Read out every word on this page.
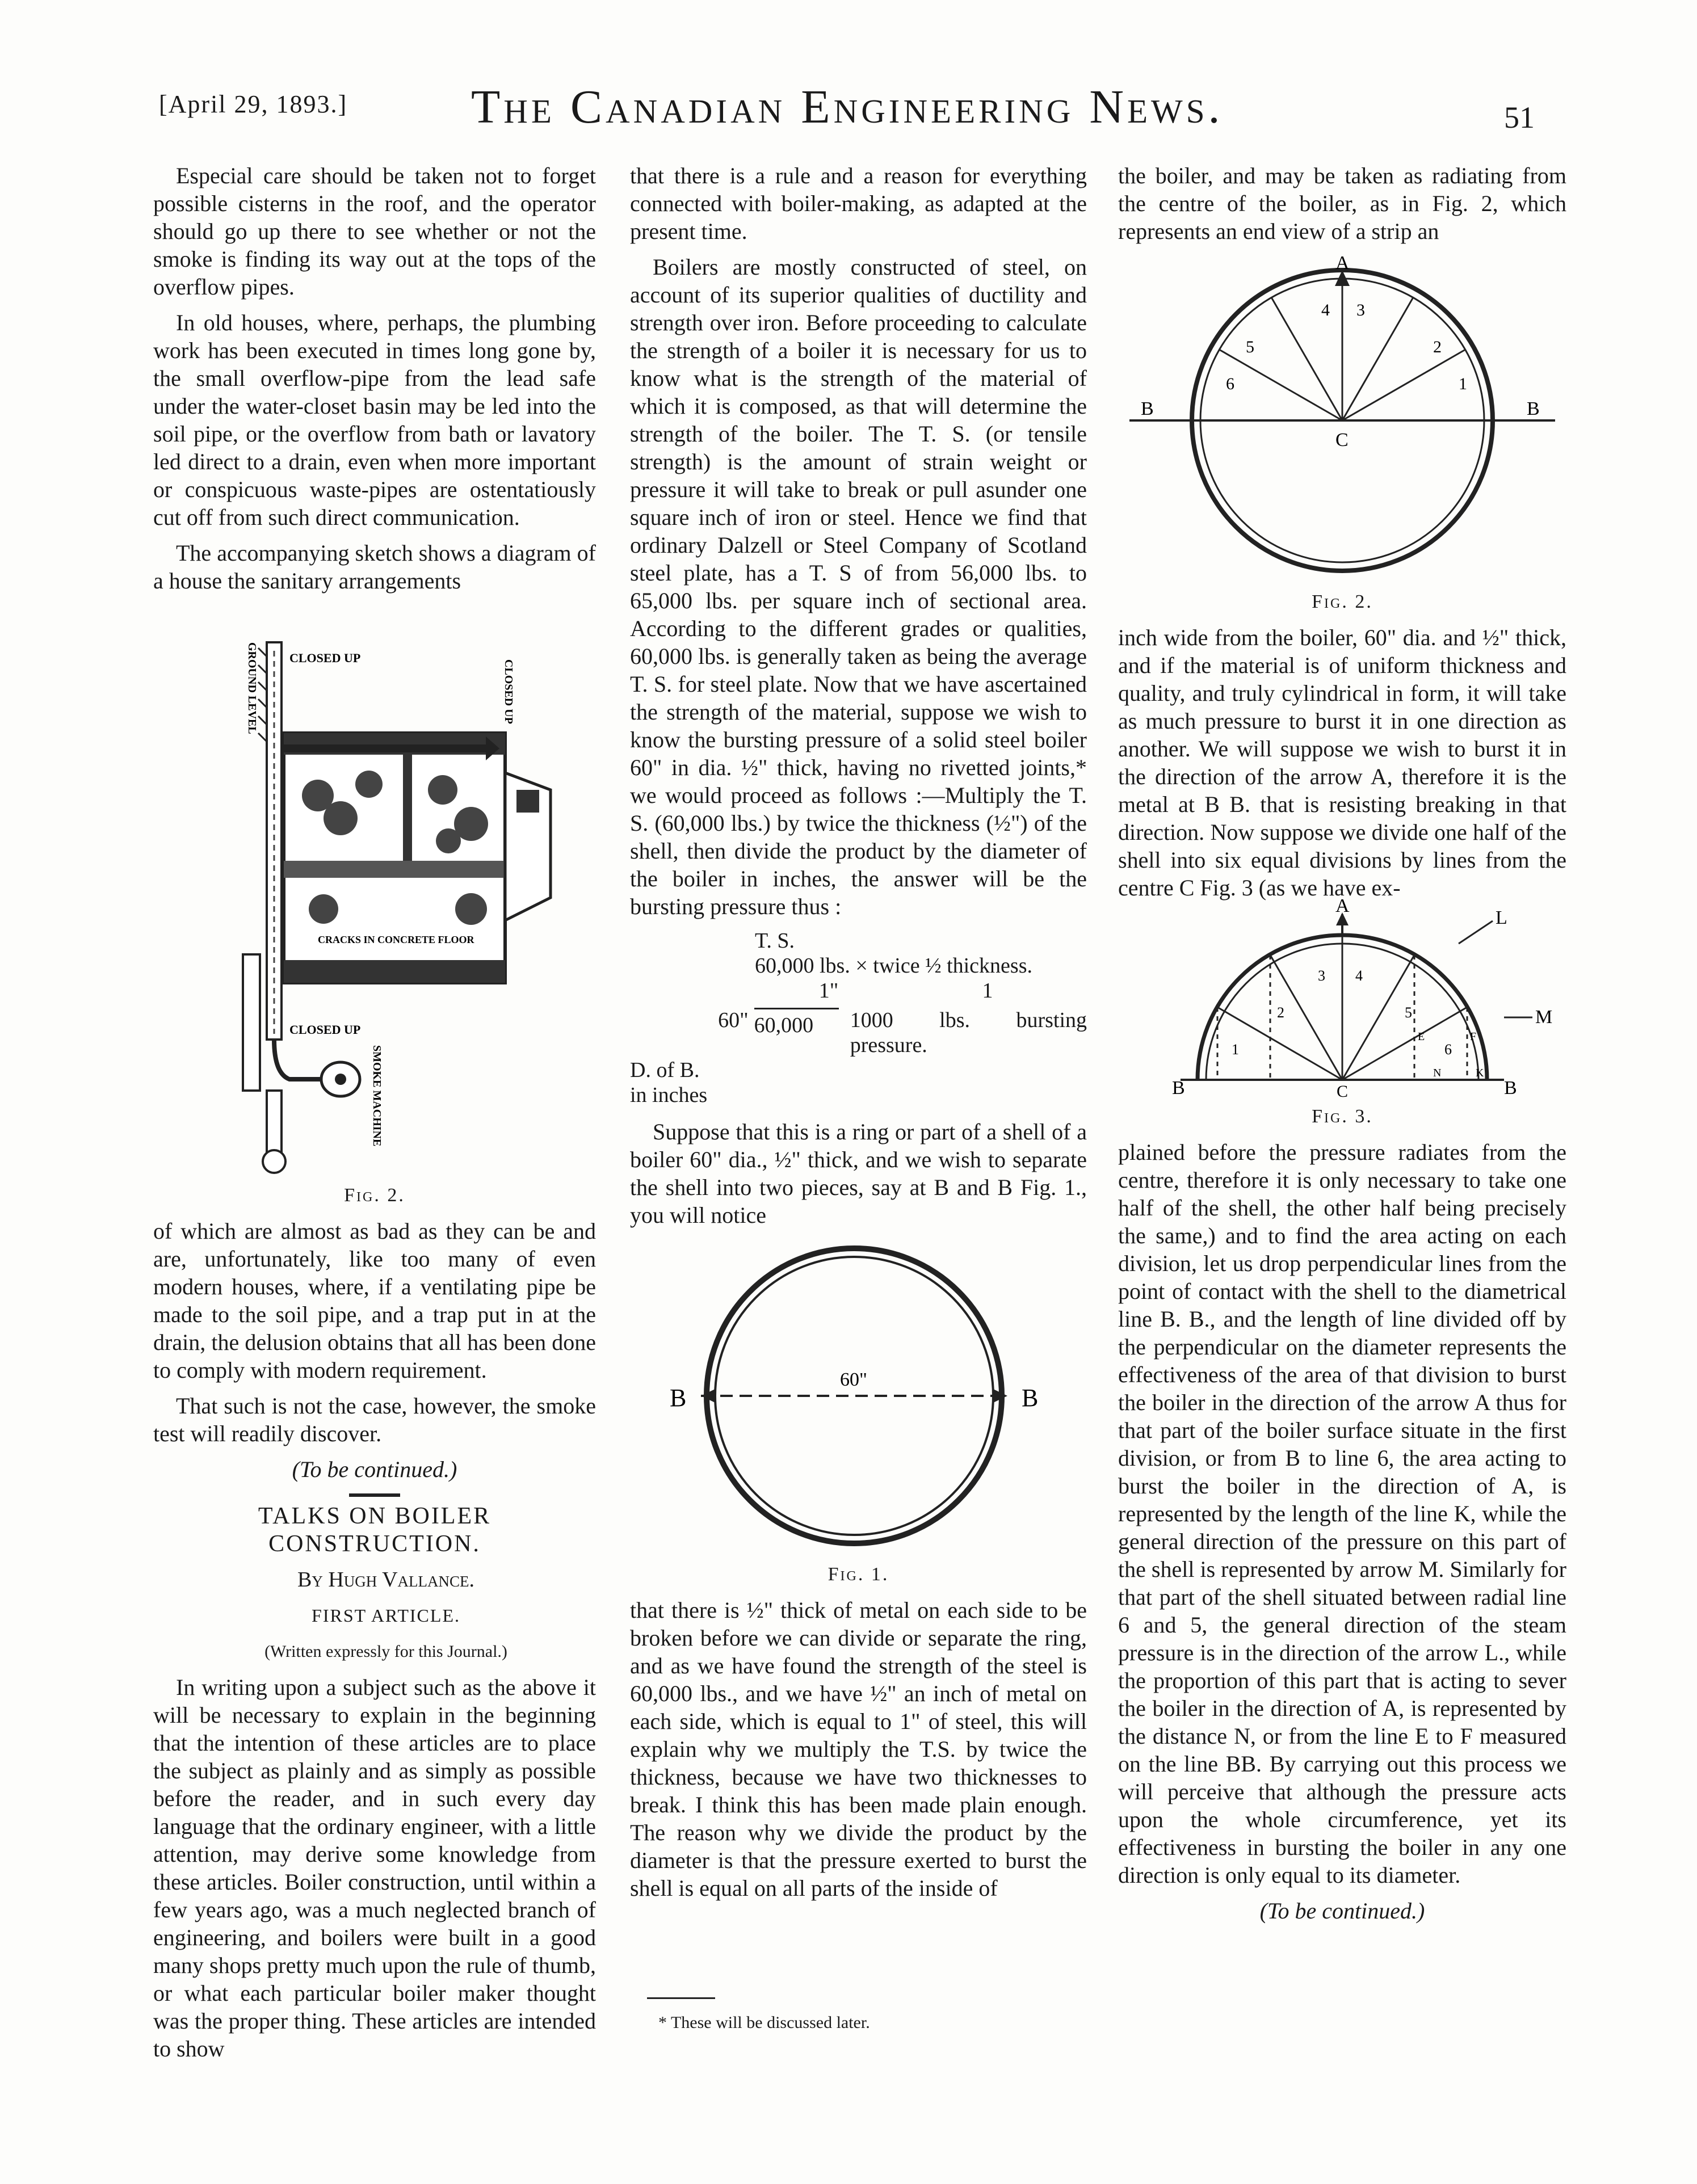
[April 29, 1893.]	The Canadian Engineering News.	51

Especial care should be taken not to forget possible cisterns in the roof, and the operator should go up there to see whether or not the smoke is finding its way out at the tops of the overflow pipes.

In old houses, where, perhaps, the plumbing work has been executed in times long gone by, the small overflow-pipe from the lead safe under the water-closet basin may be led into the soil pipe, or the overflow from bath or lavatory led direct to a drain, even when more important or conspicuous waste-pipes are ostentatiously cut off from such direct communication.

The accompanying sketch shows a diagram of a house the sanitary arrangements

GROUND LEVEL	CLOSED UP
CLOSED UP
CRACKS IN CONCRETE FLOOR
CLOSED UP
SMOKE MACHINE
Fig. 2.

of which are almost as bad as they can be and are, unfortunately, like too many of even modern houses, where, if a ventilating pipe be made to the soil pipe, and a trap put in at the drain, the delusion obtains that all has been done to comply with modern requirement.

That such is not the case, however, the smoke test will readily discover.

(To be continued.)

TALKS ON BOILER CONSTRUCTION.

By Hugh Vallance.

FIRST ARTICLE.

(Written expressly for this Journal.)

In writing upon a subject such as the above it will be necessary to explain in the beginning that the intention of these articles are to place the subject as plainly and as simply as possible before the reader, and in such every day language that the ordinary engineer, with a little attention, may derive some knowledge from these articles. Boiler construction, until within a few years ago, was a much neglected branch of engineering, and boilers were built in a good many shops pretty much upon the rule of thumb, or what each particular boiler maker thought was the proper thing. These articles are intended to show

that there is a rule and a reason for everything connected with boiler-making, as adapted at the present time.

Boilers are mostly constructed of steel, on account of its superior qualities of ductility and strength over iron. Before proceeding to calculate the strength of a boiler it is necessary for us to know what is the strength of the material of which it is composed, as that will determine the strength of the boiler. The T. S. (or tensile strength) is the amount of strain weight or pressure it will take to break or pull asunder one square inch of iron or steel. Hence we find that ordinary Dalzell or Steel Company of Scotland steel plate, has a T. S of from 56,000 lbs. to 65,000 lbs. per square inch of sectional area. According to the different grades or qualities, 60,000 lbs. is generally taken as being the average T. S. for steel plate. Now that we have ascertained the strength of the material, suppose we wish to know the bursting pressure of a solid steel boiler 60" in dia. ½" thick, having no rivetted joints,* we would proceed as follows :—Multiply the T. S. (60,000 lbs.) by twice the thickness (½") of the shell, then divide the product by the diameter of the boiler in inches, the answer will be the bursting pressure thus :

T. S.
60,000 lbs. × twice ½ thickness.
1"	1
60" 60,000	1000 lbs. bursting pressure.
D. of B.
in inches

Suppose that this is a ring or part of a shell of a boiler 60" dia., ½" thick, and we wish to separate the shell into two pieces, say at B and B Fig. 1., you will notice

B	B
60"
Fig. 1.

that there is ½" thick of metal on each side to be broken before we can divide or separate the ring, and as we have found the strength of the steel is 60,000 lbs., and we have ½" an inch of metal on each side, which is equal to 1" of steel, this will explain why we multiply the T.S. by twice the thickness, because we have two thicknesses to break. I think this has been made plain enough. The reason why we divide the product by the diameter is that the pressure exerted to burst the shell is equal on all parts of the inside of

* These will be discussed later.

the boiler, and may be taken as radiating from the centre of the boiler, as in Fig. 2, which represents an end view of a strip an

A
C
B	B
1
2
3
4
5
6
Fig. 2.

inch wide from the boiler, 60" dia. and ½" thick, and if the material is of uniform thickness and quality, and truly cylindrical in form, it will take as much pressure to burst it in one direction as another. We will suppose we wish to burst it in the direction of the arrow A, therefore it is the metal at B B. that is resisting breaking in that direction. Now suppose we divide one half of the shell into six equal divisions by lines from the centre C Fig. 3 (as we have ex-

A
L
M
B	B
C
1
2
3 4
5
6
F
E
N	K
Fig. 3.

plained before the pressure radiates from the centre, therefore it is only necessary to take one half of the shell, the other half being precisely the same,) and to find the area acting on each division, let us drop perpendicular lines from the point of contact with the shell to the diametrical line B. B., and the length of line divided off by the perpendicular on the diameter represents the effectiveness of the area of that division to burst the boiler in the direction of the arrow A thus for that part of the boiler surface situate in the first division, or from B to line 6, the area acting to burst the boiler in the direction of A, is represented by the length of the line K, while the general direction of the pressure on this part of the shell is represented by arrow M. Similarly for that part of the shell situated between radial line 6 and 5, the general direction of the steam pressure is in the direction of the arrow L., while the proportion of this part that is acting to sever the boiler in the direction of A, is represented by the distance N, or from the line E to F measured on the line BB. By carrying out this process we will perceive that although the pressure acts upon the whole circumference, yet its effectiveness in bursting the boiler in any one direction is only equal to its diameter.

(To be continued.)
